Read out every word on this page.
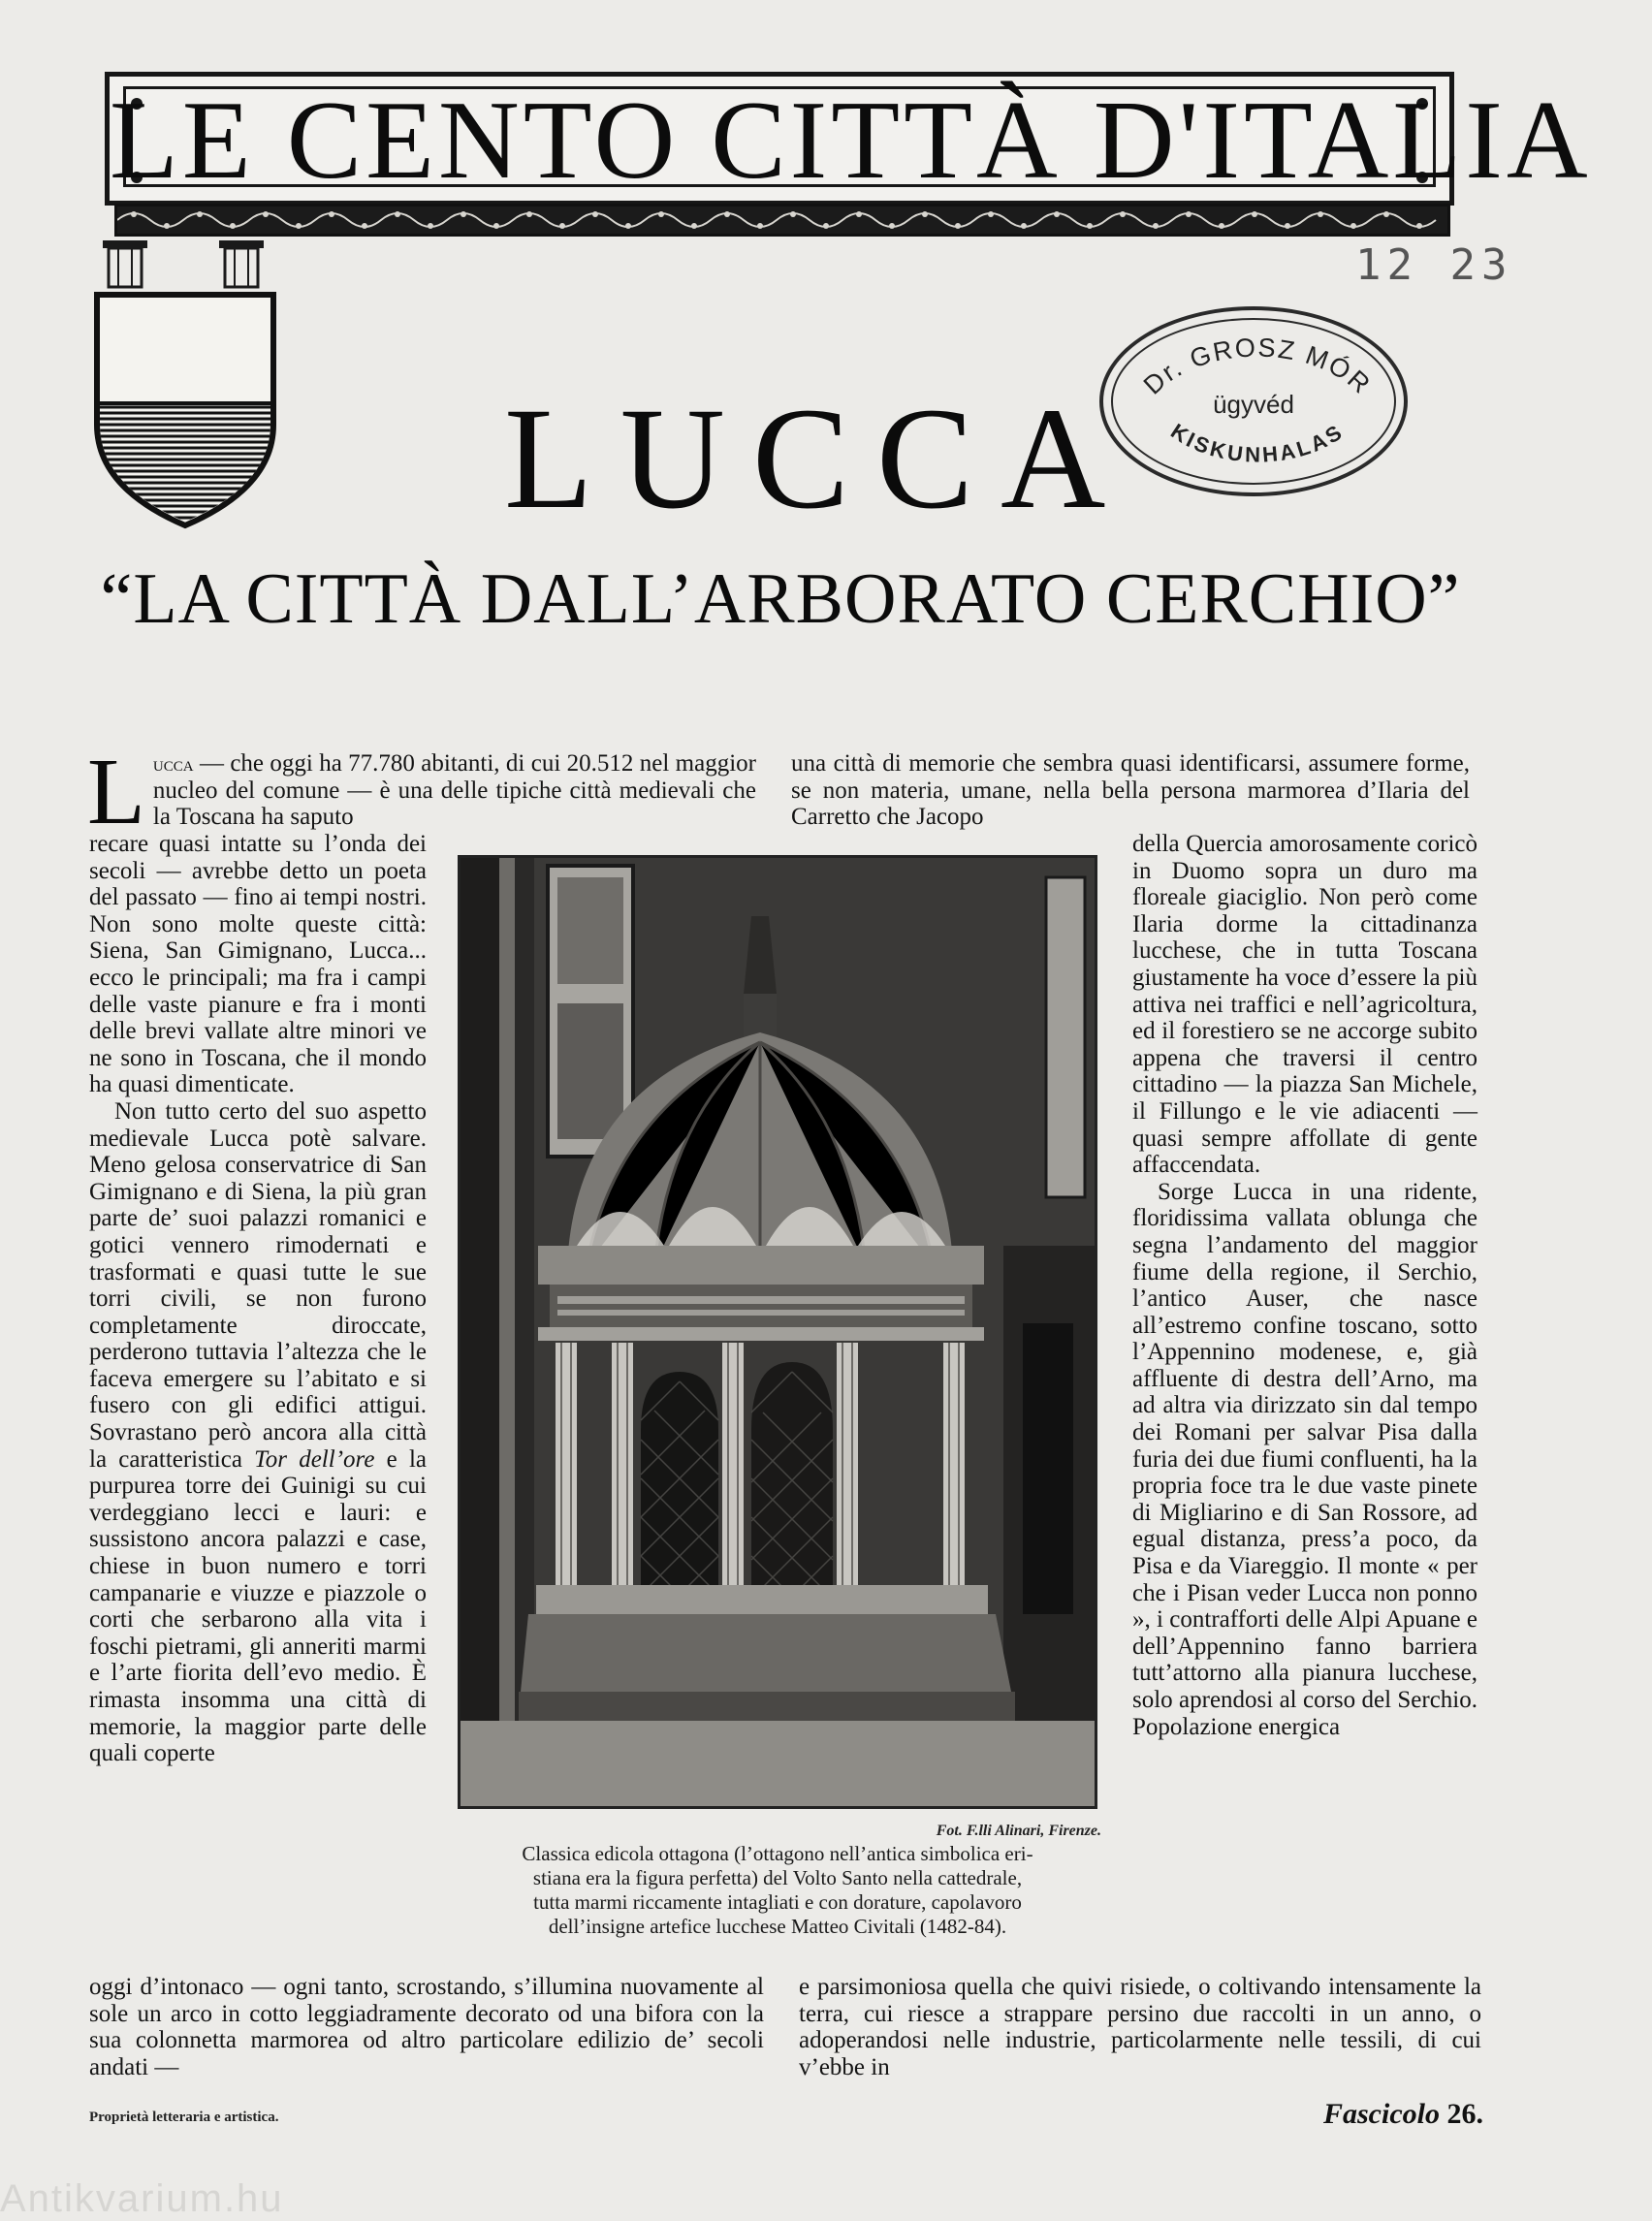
LE CENTO CITTÀ D'ITALIA
12 23
Dr. GROSZ MÓR
KISKUNHALAS
ügyvéd
LUCCA
“LA CITTÀ DALL’ARBORATO CERCHIO”
Lucca — che oggi ha 77.780 abitanti, di cui 20.512 nel maggior nucleo del comune — è una delle tipiche città medievali che la Toscana ha saputo

una città di memorie che sembra quasi identificarsi, assumere forme, se non materia, umane, nella bella persona marmorea d’Ilaria del Carretto che Jacopo

recare quasi intatte su l’onda dei secoli — avrebbe detto un poeta del passato — fino ai tempi nostri. Non sono molte queste città: Siena, San Gimignano, Lucca... ecco le principali; ma fra i campi delle vaste pianure e fra i monti delle brevi vallate altre minori ve ne sono in Toscana, che il mondo ha quasi dimenticate.

Non tutto certo del suo aspetto medievale Lucca potè salvare. Meno gelosa conservatrice di San Gimignano e di Siena, la più gran parte de’ suoi palazzi romanici e gotici vennero rimodernati e trasformati e quasi tutte le sue torri civili, se non furono completamente diroccate, perderono tuttavia l’altezza che le faceva emergere su l’abitato e si fusero con gli edifici attigui. Sovrastano però ancora alla città la caratteristica Tor dell’ore e la purpurea torre dei Guinigi su cui verdeggiano lecci e lauri: e sussistono ancora palazzi e case, chiese in buon numero e torri campanarie e viuzze e piazzole o corti che serbarono alla vita i foschi pietrami, gli anneriti marmi e l’arte fiorita dell’evo medio. È rimasta insomma una città di memorie, la maggior parte delle quali coperte

Fot. F.lli Alinari, Firenze.
Classica edicola ottagona (l’ottagono nell’antica simbolica eri-
stiana era la figura perfetta) del Volto Santo nella cattedrale,
tutta marmi riccamente intagliati e con dorature, capolavoro
dell’insigne artefice lucchese Matteo Civitali (1482-84).

della Quercia amorosamente coricò in Duomo sopra un duro ma floreale giaciglio. Non però come Ilaria dorme la cittadinanza lucchese, che in tutta Toscana giustamente ha voce d’essere la più attiva nei traffici e nell’agricoltura, ed il forestiero se ne accorge subito appena che traversi il centro cittadino — la piazza San Michele, il Fillungo e le vie adiacenti — quasi sempre affollate di gente affaccendata.

Sorge Lucca in una ridente, floridissima vallata oblunga che segna l’andamento del maggior fiume della regione, il Serchio, l’antico Auser, che nasce all’estremo confine toscano, sotto l’Appennino modenese, e, già affluente di destra dell’Arno, ma ad altra via dirizzato sin dal tempo dei Romani per salvar Pisa dalla furia dei due fiumi confluenti, ha la propria foce tra le due vaste pinete di Migliarino e di San Rossore, ad egual distanza, press’a poco, da Pisa e da Viareggio. Il monte « per che i Pisan veder Lucca non ponno », i contrafforti delle Alpi Apuane e dell’Appennino fanno barriera tutt’attorno alla pianura lucchese, solo aprendosi al corso del Serchio. Popolazione energica

oggi d’intonaco — ogni tanto, scrostando, s’illumina nuovamente al sole un arco in cotto leggiadramente decorato od una bifora con la sua colonnetta marmorea od altro particolare edilizio de’ secoli andati —

e parsimoniosa quella che quivi risiede, o coltivando intensamente la terra, cui riesce a strappare persino due raccolti in un anno, o adoperandosi nelle industrie, particolarmente nelle tessili, di cui v’ebbe in

Proprietà letteraria e artistica.	Fascicolo 26.
Antikvarium.hu
